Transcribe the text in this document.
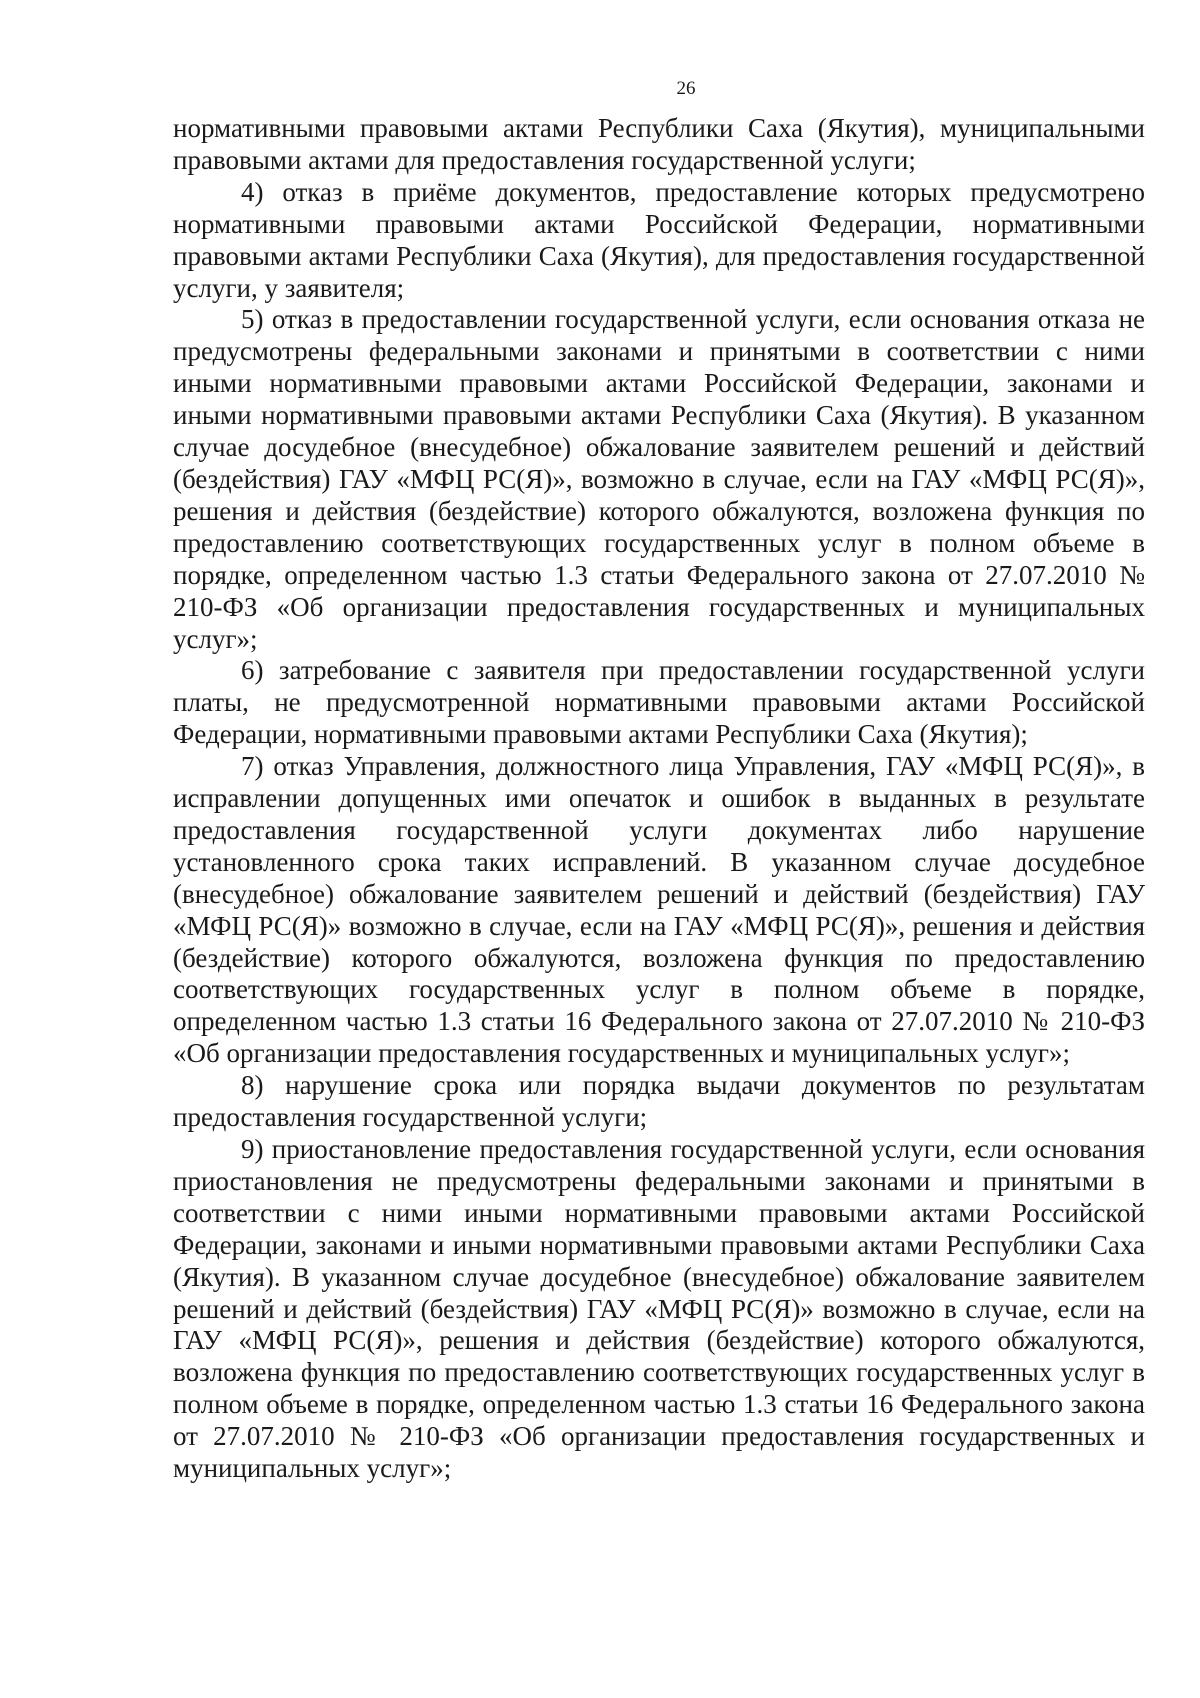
26

нормативными правовыми актами Республики Саха (Якутия), муниципальными правовыми актами для предоставления государственной услуги;

4) отказ в приёме документов, предоставление которых предусмотрено нормативными правовыми актами Российской Федерации, нормативными правовыми актами Республики Саха (Якутия), для предоставления государственной услуги, у заявителя;

5) отказ в предоставлении государственной услуги, если основания отказа не предусмотрены федеральными законами и принятыми в соответствии с ними иными нормативными правовыми актами Российской Федерации, законами и иными нормативными правовыми актами Республики Саха (Якутия). В указанном случае досудебное (внесудебное) обжалование заявителем решений и действий (бездействия) ГАУ «МФЦ РС(Я)», возможно в случае, если на ГАУ «МФЦ РС(Я)», решения и действия (бездействие) которого обжалуются, возложена функция по предоставлению соответствующих государственных услуг в полном объеме в порядке, определенном частью 1.3 статьи Федерального закона от 27.07.2010 № 210-ФЗ «Об организации предоставления государственных и муниципальных услуг»;

6) затребование с заявителя при предоставлении государственной услуги платы, не предусмотренной нормативными правовыми актами Российской Федерации, нормативными правовыми актами Республики Саха (Якутия);

7) отказ Управления, должностного лица Управления, ГАУ «МФЦ РС(Я)», в исправлении допущенных ими опечаток и ошибок в выданных в результате предоставления государственной услуги документах либо нарушение установленного срока таких исправлений. В указанном случае досудебное (внесудебное) обжалование заявителем решений и действий (бездействия) ГАУ «МФЦ РС(Я)» возможно в случае, если на ГАУ «МФЦ РС(Я)», решения и действия (бездействие) которого обжалуются, возложена функция по предоставлению соответствующих государственных услуг в полном объеме в порядке, определенном частью 1.3 статьи 16 Федерального закона от 27.07.2010 № 210-ФЗ «Об организации предоставления государственных и муниципальных услуг»;

8) нарушение срока или порядка выдачи документов по результатам предоставления государственной услуги;

9) приостановление предоставления государственной услуги, если основания приостановления не предусмотрены федеральными законами и принятыми в соответствии с ними иными нормативными правовыми актами Российской Федерации, законами и иными нормативными правовыми актами Республики Саха (Якутия). В указанном случае досудебное (внесудебное) обжалование заявителем решений и действий (бездействия) ГАУ «МФЦ РС(Я)» возможно в случае, если на ГАУ «МФЦ РС(Я)», решения и действия (бездействие) которого обжалуются, возложена функция по предоставлению соответствующих государственных услуг в полном объеме в порядке, определенном частью 1.3 статьи 16 Федерального закона от 27.07.2010 № 210-ФЗ «Об организации предоставления государственных и муниципальных услуг»;
